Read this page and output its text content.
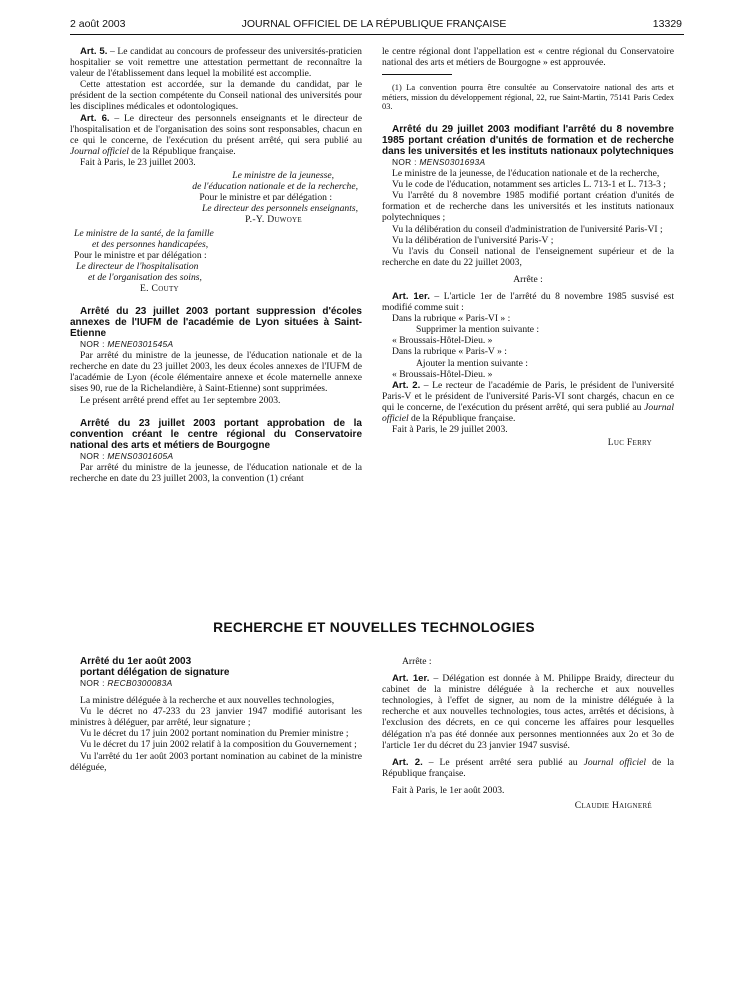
2 août 2003	JOURNAL OFFICIEL DE LA RÉPUBLIQUE FRANÇAISE	13329

Art. 5. – Le candidat au concours de professeur des universités-praticien hospitalier se voit remettre une attestation permettant de reconnaître la valeur de l'établissement dans lequel la mobilité est accomplie.

Cette attestation est accordée, sur la demande du candidat, par le président de la section compétente du Conseil national des universités pour les disciplines médicales et odontologiques.

Art. 6. – Le directeur des personnels enseignants et le directeur de l'hospitalisation et de l'organisation des soins sont responsables, chacun en ce qui le concerne, de l'exécution du présent arrêté, qui sera publié au Journal officiel de la République française.

Fait à Paris, le 23 juillet 2003.

Le ministre de la jeunesse,
de l'éducation nationale et de la recherche,
Pour le ministre et par délégation :
Le directeur des personnels enseignants,
P.-Y. Duwoye
Le ministre de la santé, de la famille
et des personnes handicapées,
Pour le ministre et par délégation :
Le directeur de l'hospitalisation
et de l'organisation des soins,
E. Couty

Arrêté du 23 juillet 2003 portant suppression d'écoles annexes de l'IUFM de l'académie de Lyon situées à Saint-Etienne

NOR : MENE0301545A

Par arrêté du ministre de la jeunesse, de l'éducation nationale et de la recherche en date du 23 juillet 2003, les deux écoles annexes de l'IUFM de l'académie de Lyon (école élémentaire annexe et école maternelle annexe sises 90, rue de la Richelandière, à Saint-Etienne) sont supprimées.

Le présent arrêté prend effet au 1er septembre 2003.

Arrêté du 23 juillet 2003 portant approbation de la convention créant le centre régional du Conservatoire national des arts et métiers de Bourgogne

NOR : MENS0301605A

Par arrêté du ministre de la jeunesse, de l'éducation nationale et de la recherche en date du 23 juillet 2003, la convention (1) créant

le centre régional dont l'appellation est « centre régional du Conservatoire national des arts et métiers de Bourgogne » est approuvée.

(1) La convention pourra être consultée au Conservatoire national des arts et métiers, mission du développement régional, 22, rue Saint-Martin, 75141 Paris Cedex 03.

Arrêté du 29 juillet 2003 modifiant l'arrêté du 8 novembre 1985 portant création d'unités de formation et de recherche dans les universités et les instituts nationaux polytechniques

NOR : MENS0301693A

Le ministre de la jeunesse, de l'éducation nationale et de la recherche,

Vu le code de l'éducation, notamment ses articles L. 713-1 et L. 713-3 ;

Vu l'arrêté du 8 novembre 1985 modifié portant création d'unités de formation et de recherche dans les universités et les instituts nationaux polytechniques ;

Vu la délibération du conseil d'administration de l'université Paris-VI ;

Vu la délibération de l'université Paris-V ;

Vu l'avis du Conseil national de l'enseignement supérieur et de la recherche en date du 22 juillet 2003,

Arrête :

Art. 1er. – L'article 1er de l'arrêté du 8 novembre 1985 susvisé est modifié comme suit :

Dans la rubrique « Paris-VI » :

Supprimer la mention suivante :

« Broussais-Hôtel-Dieu. »

Dans la rubrique « Paris-V » :

Ajouter la mention suivante :

« Broussais-Hôtel-Dieu. »

Art. 2. – Le recteur de l'académie de Paris, le président de l'université Paris-V et le président de l'université Paris-VI sont chargés, chacun en ce qui le concerne, de l'exécution du présent arrêté, qui sera publié au Journal officiel de la République française.

Fait à Paris, le 29 juillet 2003.

Luc Ferry

RECHERCHE ET NOUVELLES TECHNOLOGIES

Arrêté du 1er août 2003

portant délégation de signature

NOR : RECB0300083A

La ministre déléguée à la recherche et aux nouvelles technologies,

Vu le décret no 47-233 du 23 janvier 1947 modifié autorisant les ministres à déléguer, par arrêté, leur signature ;

Vu le décret du 17 juin 2002 portant nomination du Premier ministre ;

Vu le décret du 17 juin 2002 relatif à la composition du Gouvernement ;

Vu l'arrêté du 1er août 2003 portant nomination au cabinet de la ministre déléguée,

Arrête :

Art. 1er. – Délégation est donnée à M. Philippe Braidy, directeur du cabinet de la ministre déléguée à la recherche et aux nouvelles technologies, à l'effet de signer, au nom de la ministre déléguée à la recherche et aux nouvelles technologies, tous actes, arrêtés et décisions, à l'exclusion des décrets, en ce qui concerne les affaires pour lesquelles délégation n'a pas été donnée aux personnes mentionnées aux 2o et 3o de l'article 1er du décret du 23 janvier 1947 susvisé.

Art. 2. – Le présent arrêté sera publié au Journal officiel de la République française.

Fait à Paris, le 1er août 2003.

Claudie Haigneré
